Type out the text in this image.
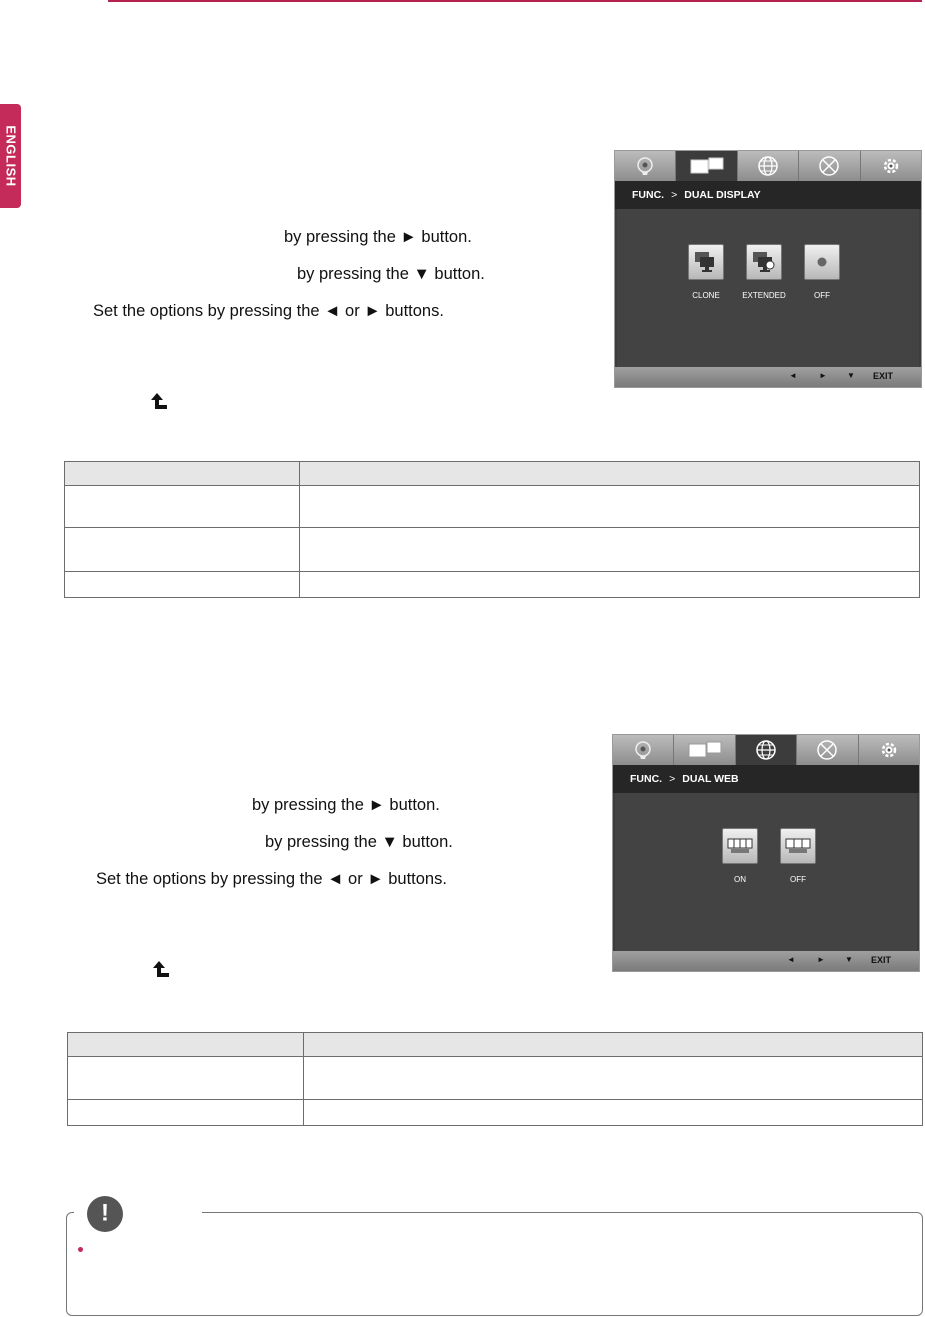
ENGLISH
by pressing the ► button.
by pressing the ▼ button.
Set the options by pressing the ◄ or ► buttons.
FUNC. > DUAL DISPLAY
CLONE	EXTENDED	OFF
◄	►	▼ EXIT

by pressing the ► button.
by pressing the ▼ button.
Set the options by pressing the ◄ or ► buttons.
FUNC. > DUAL WEB
ON	OFF
◄	►	▼ EXIT

!
